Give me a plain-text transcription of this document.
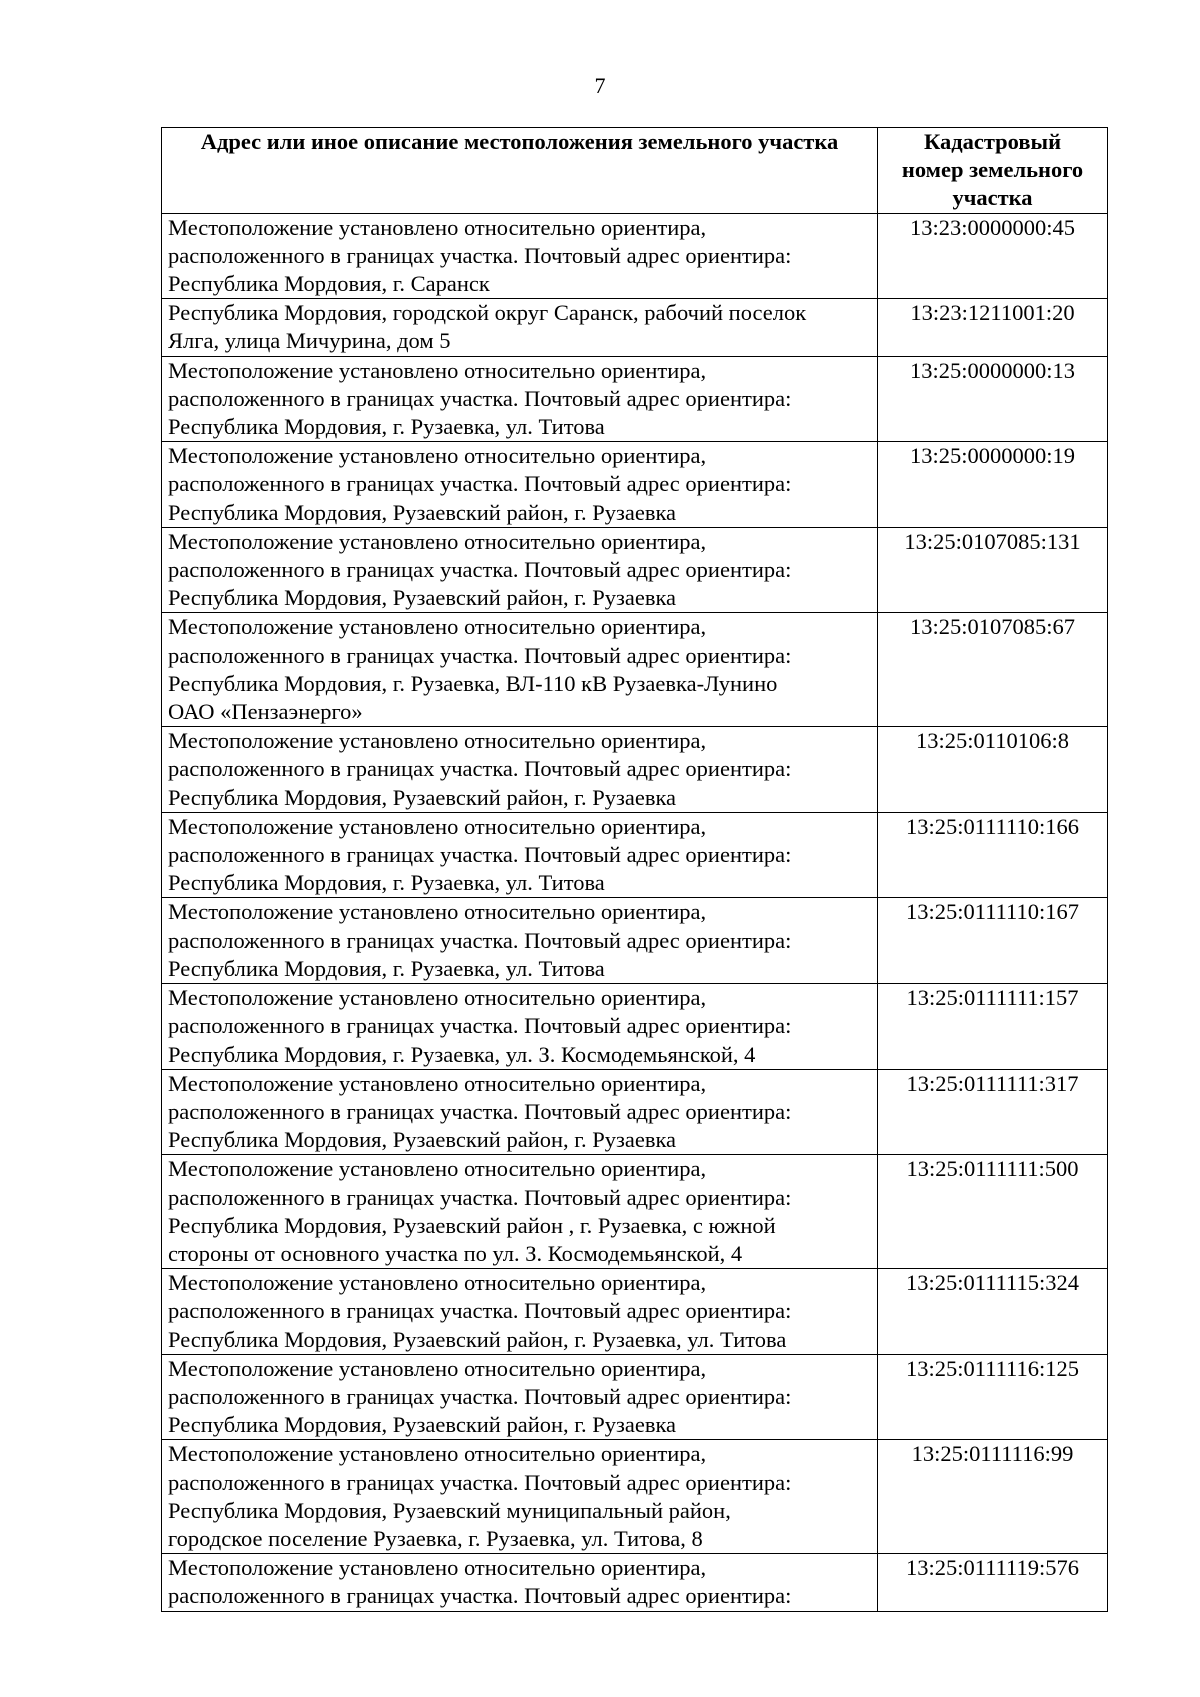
7
Адрес или иное описание местоположения земельного участка	Кадастровый
номер земельного
участка

Местоположение установлено относительно ориентира,
расположенного в границах участка. Почтовый адрес ориентира:
Республика Мордовия, г. Саранск	13:23:0000000:45

Республика Мордовия, городской округ Саранск, рабочий поселок
Ялга, улица Мичурина, дом 5	13:23:1211001:20

Местоположение установлено относительно ориентира,
расположенного в границах участка. Почтовый адрес ориентира:
Республика Мордовия, г. Рузаевка, ул. Титова	13:25:0000000:13

Местоположение установлено относительно ориентира,
расположенного в границах участка. Почтовый адрес ориентира:
Республика Мордовия, Рузаевский район, г. Рузаевка	13:25:0000000:19

Местоположение установлено относительно ориентира,
расположенного в границах участка. Почтовый адрес ориентира:
Республика Мордовия, Рузаевский район, г. Рузаевка	13:25:0107085:131

Местоположение установлено относительно ориентира,
расположенного в границах участка. Почтовый адрес ориентира:
Республика Мордовия, г. Рузаевка, ВЛ-110 кВ Рузаевка-Лунино
ОАО «Пензаэнерго»	13:25:0107085:67

Местоположение установлено относительно ориентира,
расположенного в границах участка. Почтовый адрес ориентира:
Республика Мордовия, Рузаевский район, г. Рузаевка	13:25:0110106:8

Местоположение установлено относительно ориентира,
расположенного в границах участка. Почтовый адрес ориентира:
Республика Мордовия, г. Рузаевка, ул. Титова	13:25:0111110:166

Местоположение установлено относительно ориентира,
расположенного в границах участка. Почтовый адрес ориентира:
Республика Мордовия, г. Рузаевка, ул. Титова	13:25:0111110:167

Местоположение установлено относительно ориентира,
расположенного в границах участка. Почтовый адрес ориентира:
Республика Мордовия, г. Рузаевка, ул. З. Космодемьянской, 4	13:25:0111111:157

Местоположение установлено относительно ориентира,
расположенного в границах участка. Почтовый адрес ориентира:
Республика Мордовия, Рузаевский район, г. Рузаевка	13:25:0111111:317

Местоположение установлено относительно ориентира,
расположенного в границах участка. Почтовый адрес ориентира:
Республика Мордовия, Рузаевский район , г. Рузаевка, с южной
стороны от основного участка по ул. З. Космодемьянской, 4	13:25:0111111:500

Местоположение установлено относительно ориентира,
расположенного в границах участка. Почтовый адрес ориентира:
Республика Мордовия, Рузаевский район, г. Рузаевка, ул. Титова	13:25:0111115:324

Местоположение установлено относительно ориентира,
расположенного в границах участка. Почтовый адрес ориентира:
Республика Мордовия, Рузаевский район, г. Рузаевка	13:25:0111116:125

Местоположение установлено относительно ориентира,
расположенного в границах участка. Почтовый адрес ориентира:
Республика Мордовия, Рузаевский муниципальный район,
городское поселение Рузаевка, г. Рузаевка, ул. Титова, 8	13:25:0111116:99

Местоположение установлено относительно ориентира,
расположенного в границах участка. Почтовый адрес ориентира:	13:25:0111119:576
